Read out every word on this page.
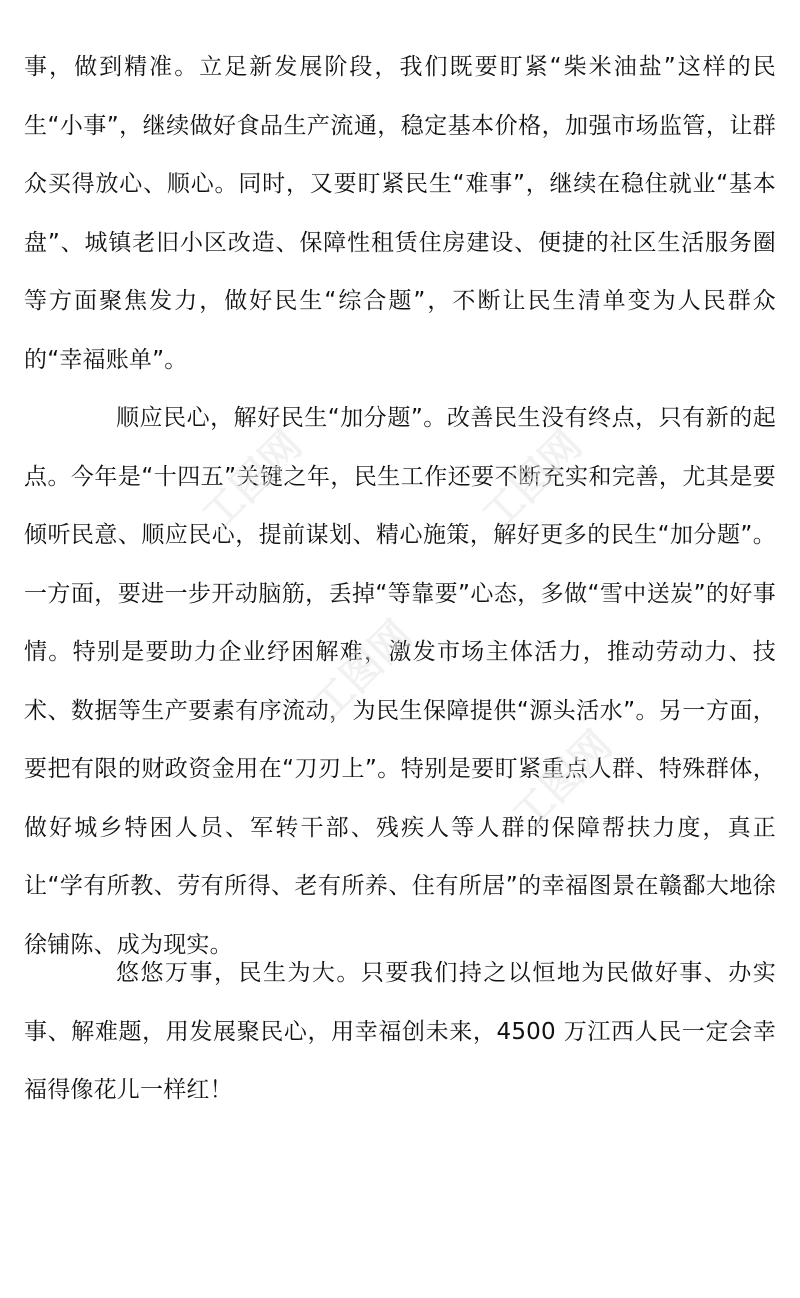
事，做到精准。立足新发展阶段，我们既要盯紧“柴米油盐”这样的民生“小事”，继续做好食品生产流通，稳定基本价格，加强市场监管，让群众买得放心、顺心。同时，又要盯紧民生“难事”，继续在稳住就业“基本盘”、城镇老旧小区改造、保障性租赁住房建设、便捷的社区生活服务圈等方面聚焦发力，做好民生“综合题”，不断让民生清单变为人民群众的“幸福账单”。

顺应民心，解好民生“加分题”。改善民生没有终点，只有新的起点。今年是“十四五”关键之年，民生工作还要不断充实和完善，尤其是要倾听民意、顺应民心，提前谋划、精心施策，解好更多的民生“加分题”。一方面，要进一步开动脑筋，丢掉“等靠要”心态，多做“雪中送炭”的好事情。特别是要助力企业纾困解难，激发市场主体活力，推动劳动力、技术、数据等生产要素有序流动，为民生保障提供“源头活水”。另一方面，要把有限的财政资金用在“刀刃上”。特别是要盯紧重点人群、特殊群体，做好城乡特困人员、军转干部、残疾人等人群的保障帮扶力度，真正让“学有所教、劳有所得、老有所养、住有所居”的幸福图景在赣鄱大地徐徐铺陈、成为现实。

悠悠万事，民生为大。只要我们持之以恒地为民做好事、办实事、解难题，用发展聚民心，用幸福创未来，4500 万江西人民一定会幸福得像花儿一样红！

工图网	工图网
工图网
工图网
